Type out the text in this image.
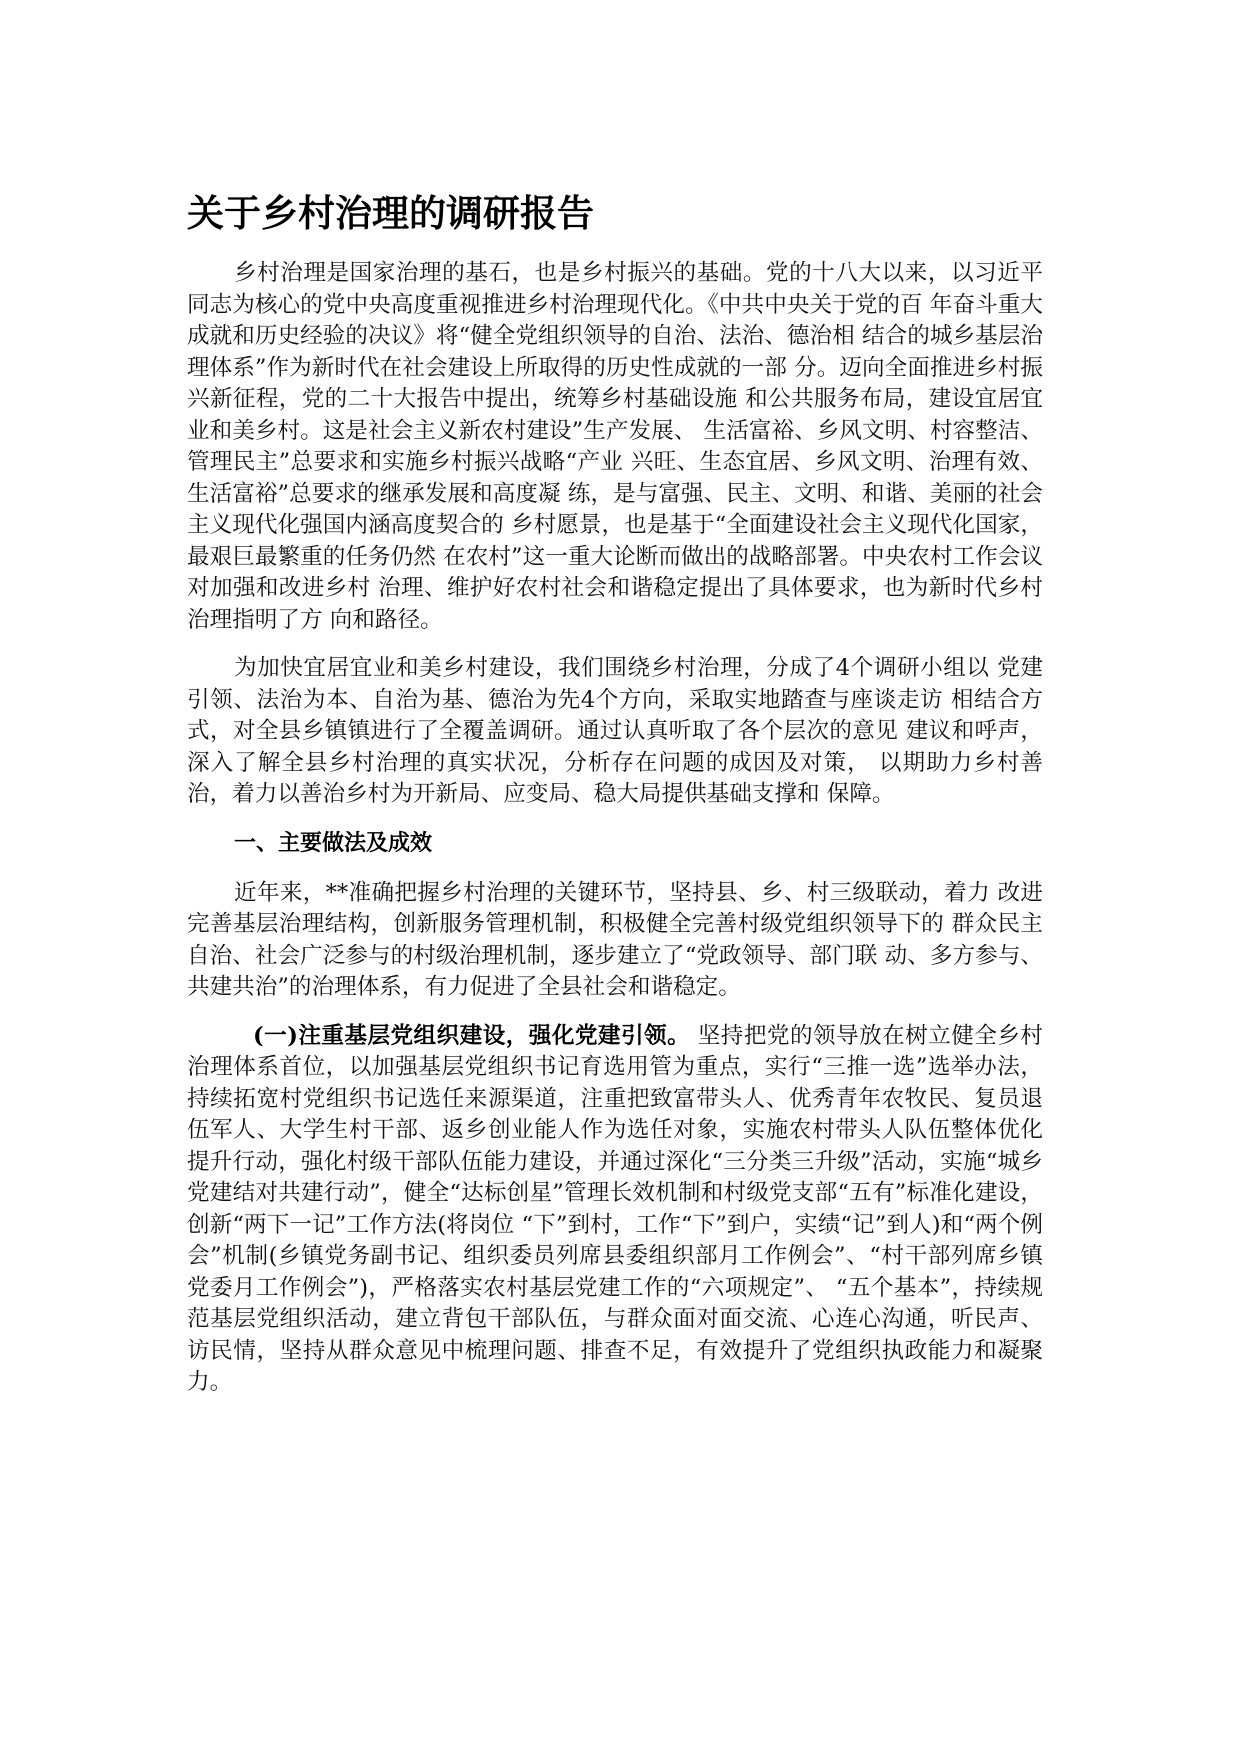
关于乡村治理的调研报告

乡村治理是国家治理的基石，也是乡村振兴的基础。党的十八大以来，以习近平同志为核心的党中央高度重视推进乡村治理现代化。《中共中央关于党的百 年奋斗重大成就和历史经验的决议》将“健全党组织领导的自治、法治、德治相 结合的城乡基层治理体系”作为新时代在社会建设上所取得的历史性成就的一部 分。迈向全面推进乡村振兴新征程，党的二十大报告中提出，统筹乡村基础设施 和公共服务布局，建设宜居宜业和美乡村。这是社会主义新农村建设”生产发展、 生活富裕、乡风文明、村容整洁、管理民主”总要求和实施乡村振兴战略“产业 兴旺、生态宜居、乡风文明、治理有效、生活富裕”总要求的继承发展和高度凝 练，是与富强、民主、文明、和谐、美丽的社会主义现代化强国内涵高度契合的 乡村愿景，也是基于“全面建设社会主义现代化国家，最艰巨最繁重的任务仍然 在农村”这一重大论断而做出的战略部署。中央农村工作会议对加强和改进乡村 治理、维护好农村社会和谐稳定提出了具体要求，也为新时代乡村治理指明了方 向和路径。

为加快宜居宜业和美乡村建设，我们围绕乡村治理，分成了4个调研小组以 党建引领、法治为本、自治为基、德治为先4个方向，采取实地踏查与座谈走访 相结合方式，对全县乡镇镇进行了全覆盖调研。通过认真听取了各个层次的意见 建议和呼声，深入了解全县乡村治理的真实状况，分析存在问题的成因及对策， 以期助力乡村善治，着力以善治乡村为开新局、应变局、稳大局提供基础支撑和 保障。

一、主要做法及成效

近年来，**准确把握乡村治理的关键环节，坚持县、乡、村三级联动，着力 改进完善基层治理结构，创新服务管理机制，积极健全完善村级党组织领导下的 群众民主自治、社会广泛参与的村级治理机制，逐步建立了“党政领导、部门联 动、多方参与、共建共治”的治理体系，有力促进了全县社会和谐稳定。

(一)注重基层党组织建设，强化党建引领。 坚持把党的领导放在树立健全乡村治理体系首位，以加强基层党组织书记育选用管为重点，实行“三推一选”选举办法，持续拓宽村党组织书记选任来源渠道，注重把致富带头人、优秀青年农牧民、复员退伍军人、大学生村干部、返乡创业能人作为选任对象，实施农村带头人队伍整体优化提升行动，强化村级干部队伍能力建设，并通过深化“三分类三升级”活动，实施“城乡党建结对共建行动”，健全“达标创星”管理长效机制和村级党支部“五有”标准化建设，创新“两下一记”工作方法(将岗位 “下”到村，工作“下”到户，实绩“记”到人)和“两个例会”机制(乡镇党务副书记、组织委员列席县委组织部月工作例会”、“村干部列席乡镇党委月工作例会”)，严格落实农村基层党建工作的“六项规定”、 “五个基本”，持续规范基层党组织活动，建立背包干部队伍，与群众面对面交流、心连心沟通，听民声、访民情，坚持从群众意见中梳理问题、排查不足，有效提升了党组织执政能力和凝聚力。
